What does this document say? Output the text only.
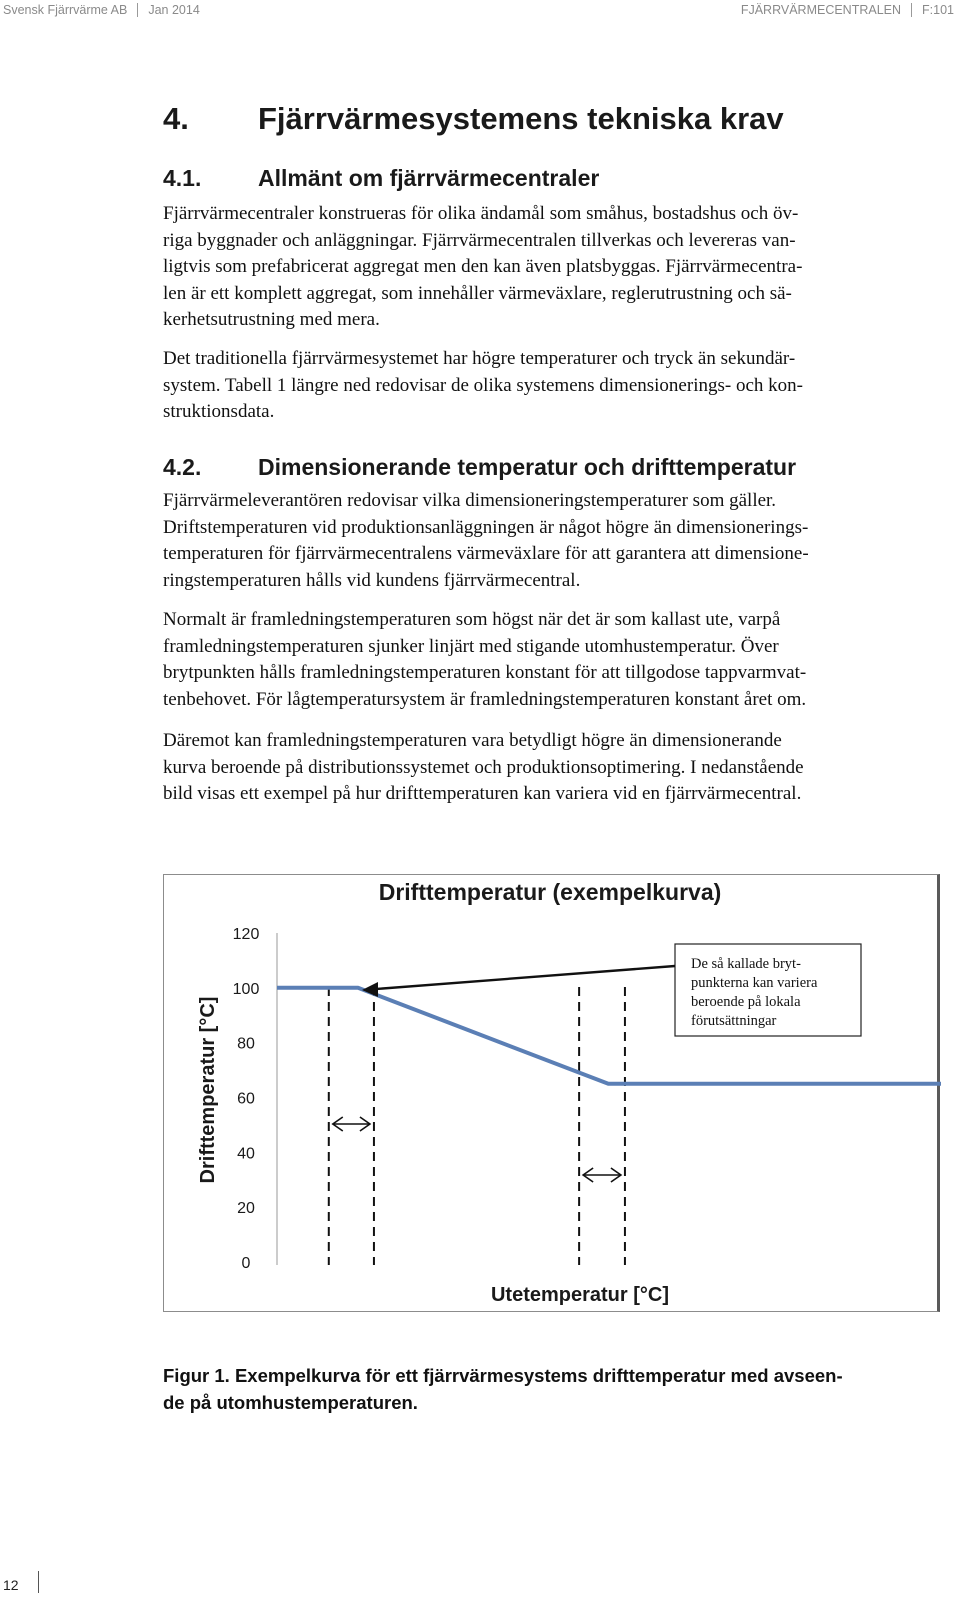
Svensk Fjärrvärme AB Jan 2014	FJÄRRVÄRMECENTRALEN F:101
4. Fjärrvärmesystemens tekniska krav
4.1. Allmänt om fjärrvärmecentraler
Fjärrvärmecentraler konstrueras för olika ändamål som småhus, bostadshus och öv-
riga byggnader och anläggningar. Fjärrvärmecentralen tillverkas och levereras van-
ligtvis som prefabricerat aggregat men den kan även platsbyggas. Fjärrvärmecentra-
len är ett komplett aggregat, som innehåller värmeväxlare, reglerutrustning och sä-
kerhetsutrustning med mera.
Det traditionella fjärrvärmesystemet har högre temperaturer och tryck än sekundär-
system. Tabell 1 längre ned redovisar de olika systemens dimensionerings- och kon-
struktionsdata.
4.2. Dimensionerande temperatur och drifttemperatur
Fjärrvärmeleverantören redovisar vilka dimensioneringstemperaturer som gäller.
Driftstemperaturen vid produktionsanläggningen är något högre än dimensionerings-
temperaturen för fjärrvärmecentralens värmeväxlare för att garantera att dimensione-
ringstemperaturen hålls vid kundens fjärrvärmecentral.
Normalt är framledningstemperaturen som högst när det är som kallast ute, varpå
framledningstemperaturen sjunker linjärt med stigande utomhustemperatur. Över
brytpunkten hålls framledningstemperaturen konstant för att tillgodose tappvarmvat-
tenbehovet. För lågtemperatursystem är framledningstemperaturen konstant året om.
Däremot kan framledningstemperaturen vara betydligt högre än dimensionerande
kurva beroende på distributionssystemet och produktionsoptimering. I nedanstående
bild visas ett exempel på hur drifttemperaturen kan variera vid en fjärrvärmecentral.
Drifttemperatur (exempelkurva)
Drifttemperatur [°C]
Utetemperatur [°C]
120
100
80
60
40
20
0
De så kallade bryt- punkterna kan variera beroende på lokala förutsättningar
Figur 1. Exempelkurva för ett fjärrvärmesystems drifttemperatur med avseen-
de på utomhustemperaturen.
12
